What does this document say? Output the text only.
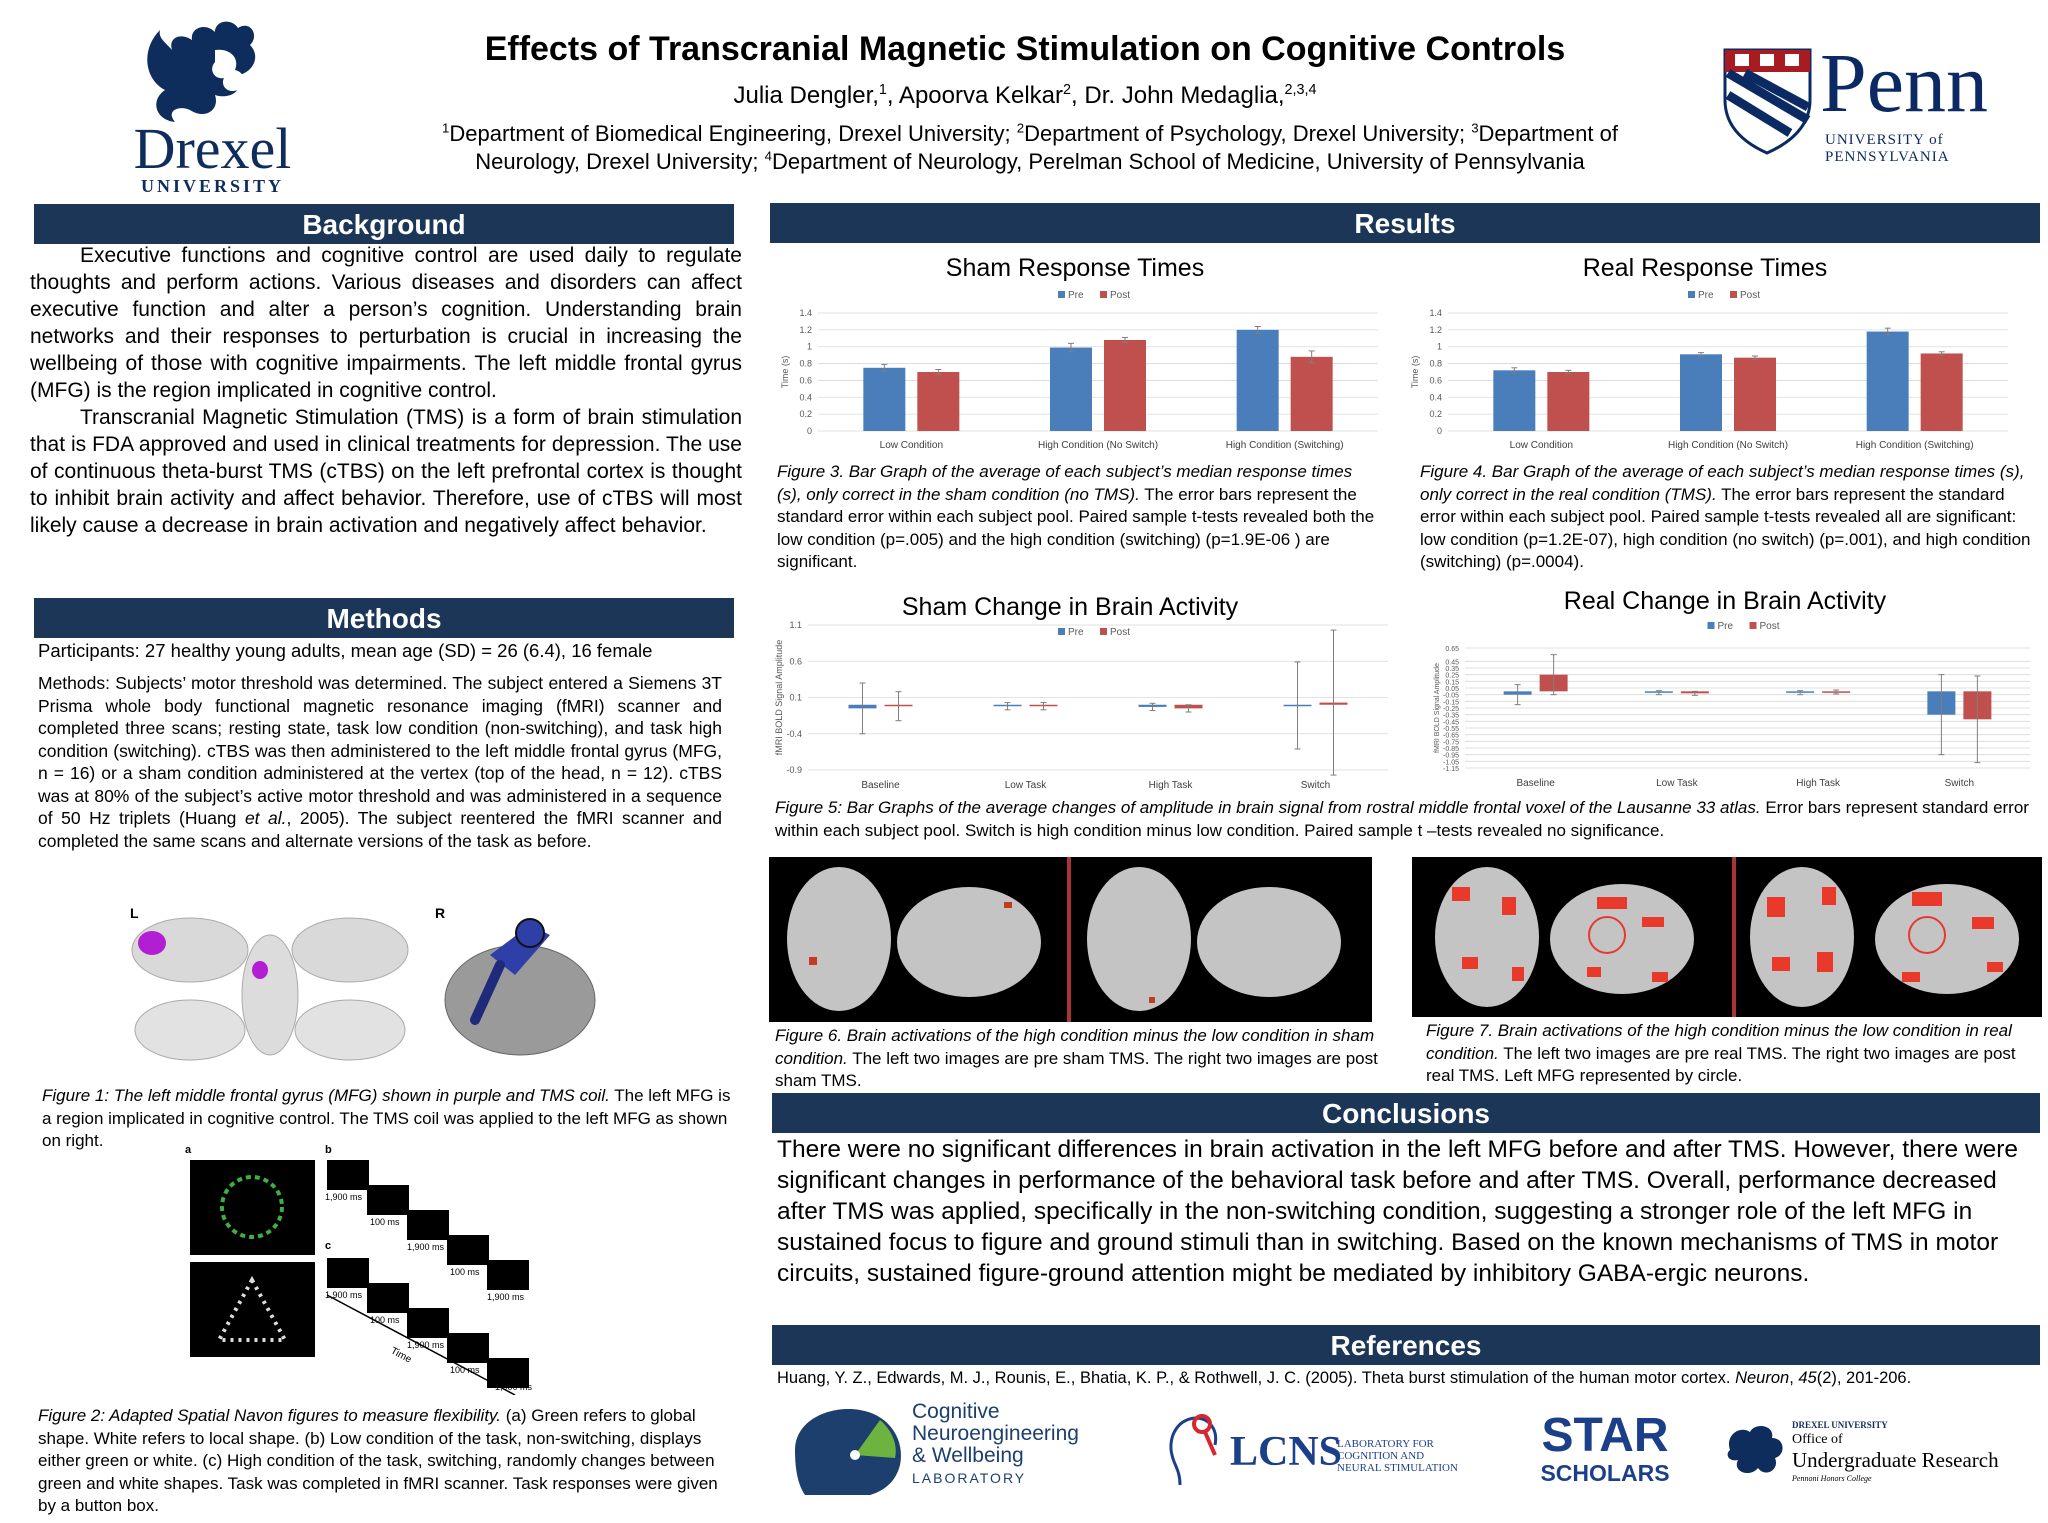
Drexel
UNIVERSITY
Effects of Transcranial Magnetic Stimulation on Cognitive Controls
Julia Dengler,$^1$, Apoorva Kelkar$^2$, Dr. John Medaglia,$^{2,3,4}$
$^1$Department of Biomedical Engineering, Drexel University; $^2$Department of Psychology, Drexel University; $^3$Department of
Neurology, Drexel University; $^4$Department of Neurology, Perelman School of Medicine, University of Pennsylvania
Penn
UNIVERSITY of PENNSYLVANIA
Background
Executive functions and cognitive control are used daily to regulate thoughts and perform actions. Various diseases and disorders can affect executive function and alter a person’s cognition. Understanding brain networks and their responses to perturbation is crucial in increasing the wellbeing of those with cognitive impairments. The left middle frontal gyrus (MFG) is the region implicated in cognitive control.
Transcranial Magnetic Stimulation (TMS) is a form of brain stimulation that is FDA approved and used in clinical treatments for depression. The use of continuous theta-burst TMS (cTBS) on the left prefrontal cortex is thought to inhibit brain activity and affect behavior. Therefore, use of cTBS will most likely cause a decrease in brain activation and negatively affect behavior.
Methods
Participants: 27 healthy young adults, mean age (SD) = 26 (6.4), 16 female
Methods: Subjects’ motor threshold was determined. The subject entered a Siemens 3T Prisma whole body functional magnetic resonance imaging (fMRI) scanner and completed three scans; resting state, task low condition (non-switching), and task high condition (switching). cTBS was then administered to the left middle frontal gyrus (MFG, n = 16) or a sham condition administered at the vertex (top of the head, n = 12). cTBS was at 80% of the subject’s active motor threshold and was administered in a sequence of 50 Hz triplets (Huang et al., 2005). The subject reentered the fMRI scanner and completed the same scans and alternate versions of the task as before.
L	R
Figure 1: The left middle frontal gyrus (MFG) shown in purple and TMS coil. The left MFG is a region implicated in cognitive control. The TMS coil was applied to the left MFG as shown on right.	a	b
c
1,900 ms
100 ms
1,900 ms
100 ms
1,900 ms
1,900 ms
100 ms
1,900 ms
100 ms
1,900 ms
Time
Figure 2: Adapted Spatial Navon figures to measure flexibility. (a) Green refers to global shape. White refers to local shape. (b) Low condition of the task, non-switching, displays either green or white. (c) High condition of the task, switching, randomly changes between green and white shapes. Task was completed in fMRI scanner. Task responses were given by a button box.
Results
Sham Response Times
0
0.2
0.4
0.6
0.8
1
1.2
1.4
Time (s)
Pre	Post
Low Condition	High Condition (No Switch)	High Condition (Switching)
Real Response Times
0
0.2
0.4
0.6
0.8
1
1.2
1.4
Time (s)
Pre	Post
Low Condition	High Condition (No Switch)	High Condition (Switching)
Figure 3. Bar Graph of the average of each subject’s median response times (s), only correct in the sham condition (no TMS). The error bars represent the standard error within each subject pool. Paired sample t-tests revealed both the low condition (p=.005) and the high condition (switching) (p=1.9E-06 ) are significant.
Figure 4. Bar Graph of the average of each subject’s median response times (s), only correct in the real condition (TMS). The error bars represent the standard error within each subject pool. Paired sample t-tests revealed all are significant: low condition (p=1.2E-07), high condition (no switch) (p=.001), and high condition (switching) (p=.0004).
Sham Change in Brain Activity
-0.9
-0.4
0.1
0.6
1.1
fMRI BOLD Signal Amplitude
Pre	Post
Baseline	Low Task	High Task	Switch
Real Change in Brain Activity
0.65
0.45
0.35
0.25
0.15
0.05
-0.05
-0.15
-0.25
-0.35
-0.45
-0.55
-0.65
-0.75
-0.85
-0.95
-1.05
-1.15
fMRI BOLD Signal Amplitude
Pre	Post
Baseline	Low Task	High Task	Switch
Figure 5: Bar Graphs of the average changes of amplitude in brain signal from rostral middle frontal voxel of the Lausanne 33 atlas. Error bars represent standard error within each subject pool. Switch is high condition minus low condition. Paired sample t –tests revealed no significance.
Figure 6. Brain activations of the high condition minus the low condition in sham condition. The left two images are pre sham TMS. The right two images are post sham TMS.
Figure 7. Brain activations of the high condition minus the low condition in real condition. The left two images are pre real TMS. The right two images are post real TMS. Left MFG represented by circle.
Conclusions
There were no significant differences in brain activation in the left MFG before and after TMS. However, there were significant changes in performance of the behavioral task before and after TMS. Overall, performance decreased after TMS was applied, specifically in the non-switching condition, suggesting a stronger role of the left MFG in sustained focus to figure and ground stimuli than in switching. Based on the known mechanisms of TMS in motor circuits, sustained figure-ground attention might be mediated by inhibitory GABA-ergic neurons.
References
Huang, Y. Z., Edwards, M. J., Rounis, E., Bhatia, K. P., & Rothwell, J. C. (2005). Theta burst stimulation of the human motor cortex. Neuron, 45(2), 201-206.
Cognitive
Neuroengineering
& Wellbeing
LABORATORY
LCNS
LABORATORY FOR
COGNITION AND
NEURAL STIMULATION
STAR
SCHOLARS
DREXEL UNIVERSITY
Office of
Undergraduate Research
Pennoni Honors College
